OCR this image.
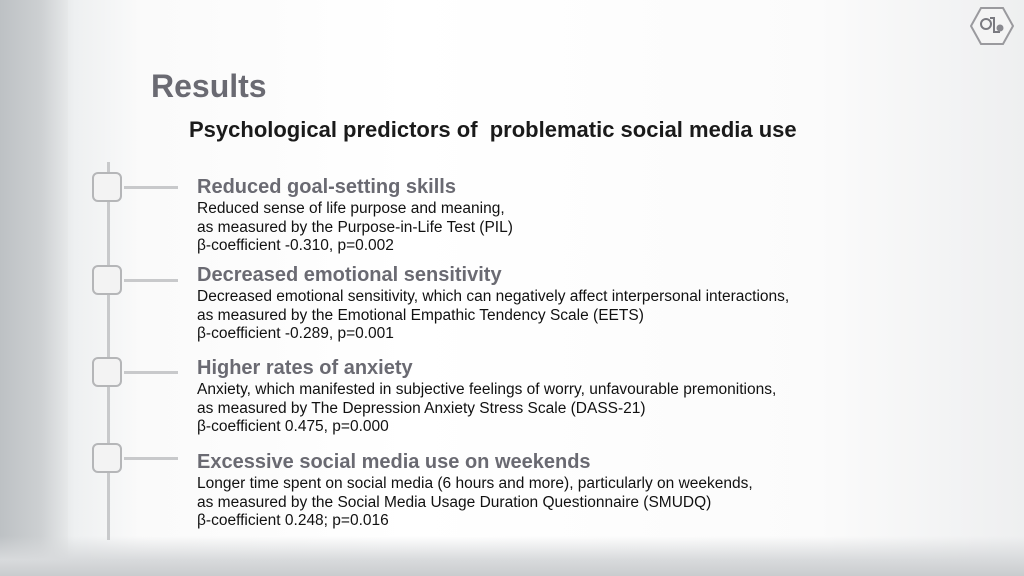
Results
Psychological predictors of  problematic social media use
Reduced goal-setting skills
Reduced sense of life purpose and meaning,
as measured by the Purpose-in-Life Test (PIL)
β-coefficient -0.310, p=0.002
Decreased emotional sensitivity
Decreased emotional sensitivity, which can negatively affect interpersonal interactions,
as measured by the Emotional Empathic Tendency Scale (EETS)
β-coefficient -0.289, p=0.001
Higher rates of anxiety
Anxiety, which manifested in subjective feelings of worry, unfavourable premonitions,
as measured by The Depression Anxiety Stress Scale (DASS-21)
β-coefficient 0.475, p=0.000
Excessive social media use on weekends
Longer time spent on social media (6 hours and more), particularly on weekends,
as measured by the Social Media Usage Duration Questionnaire (SMUDQ)
β-coefficient 0.248; p=0.016
